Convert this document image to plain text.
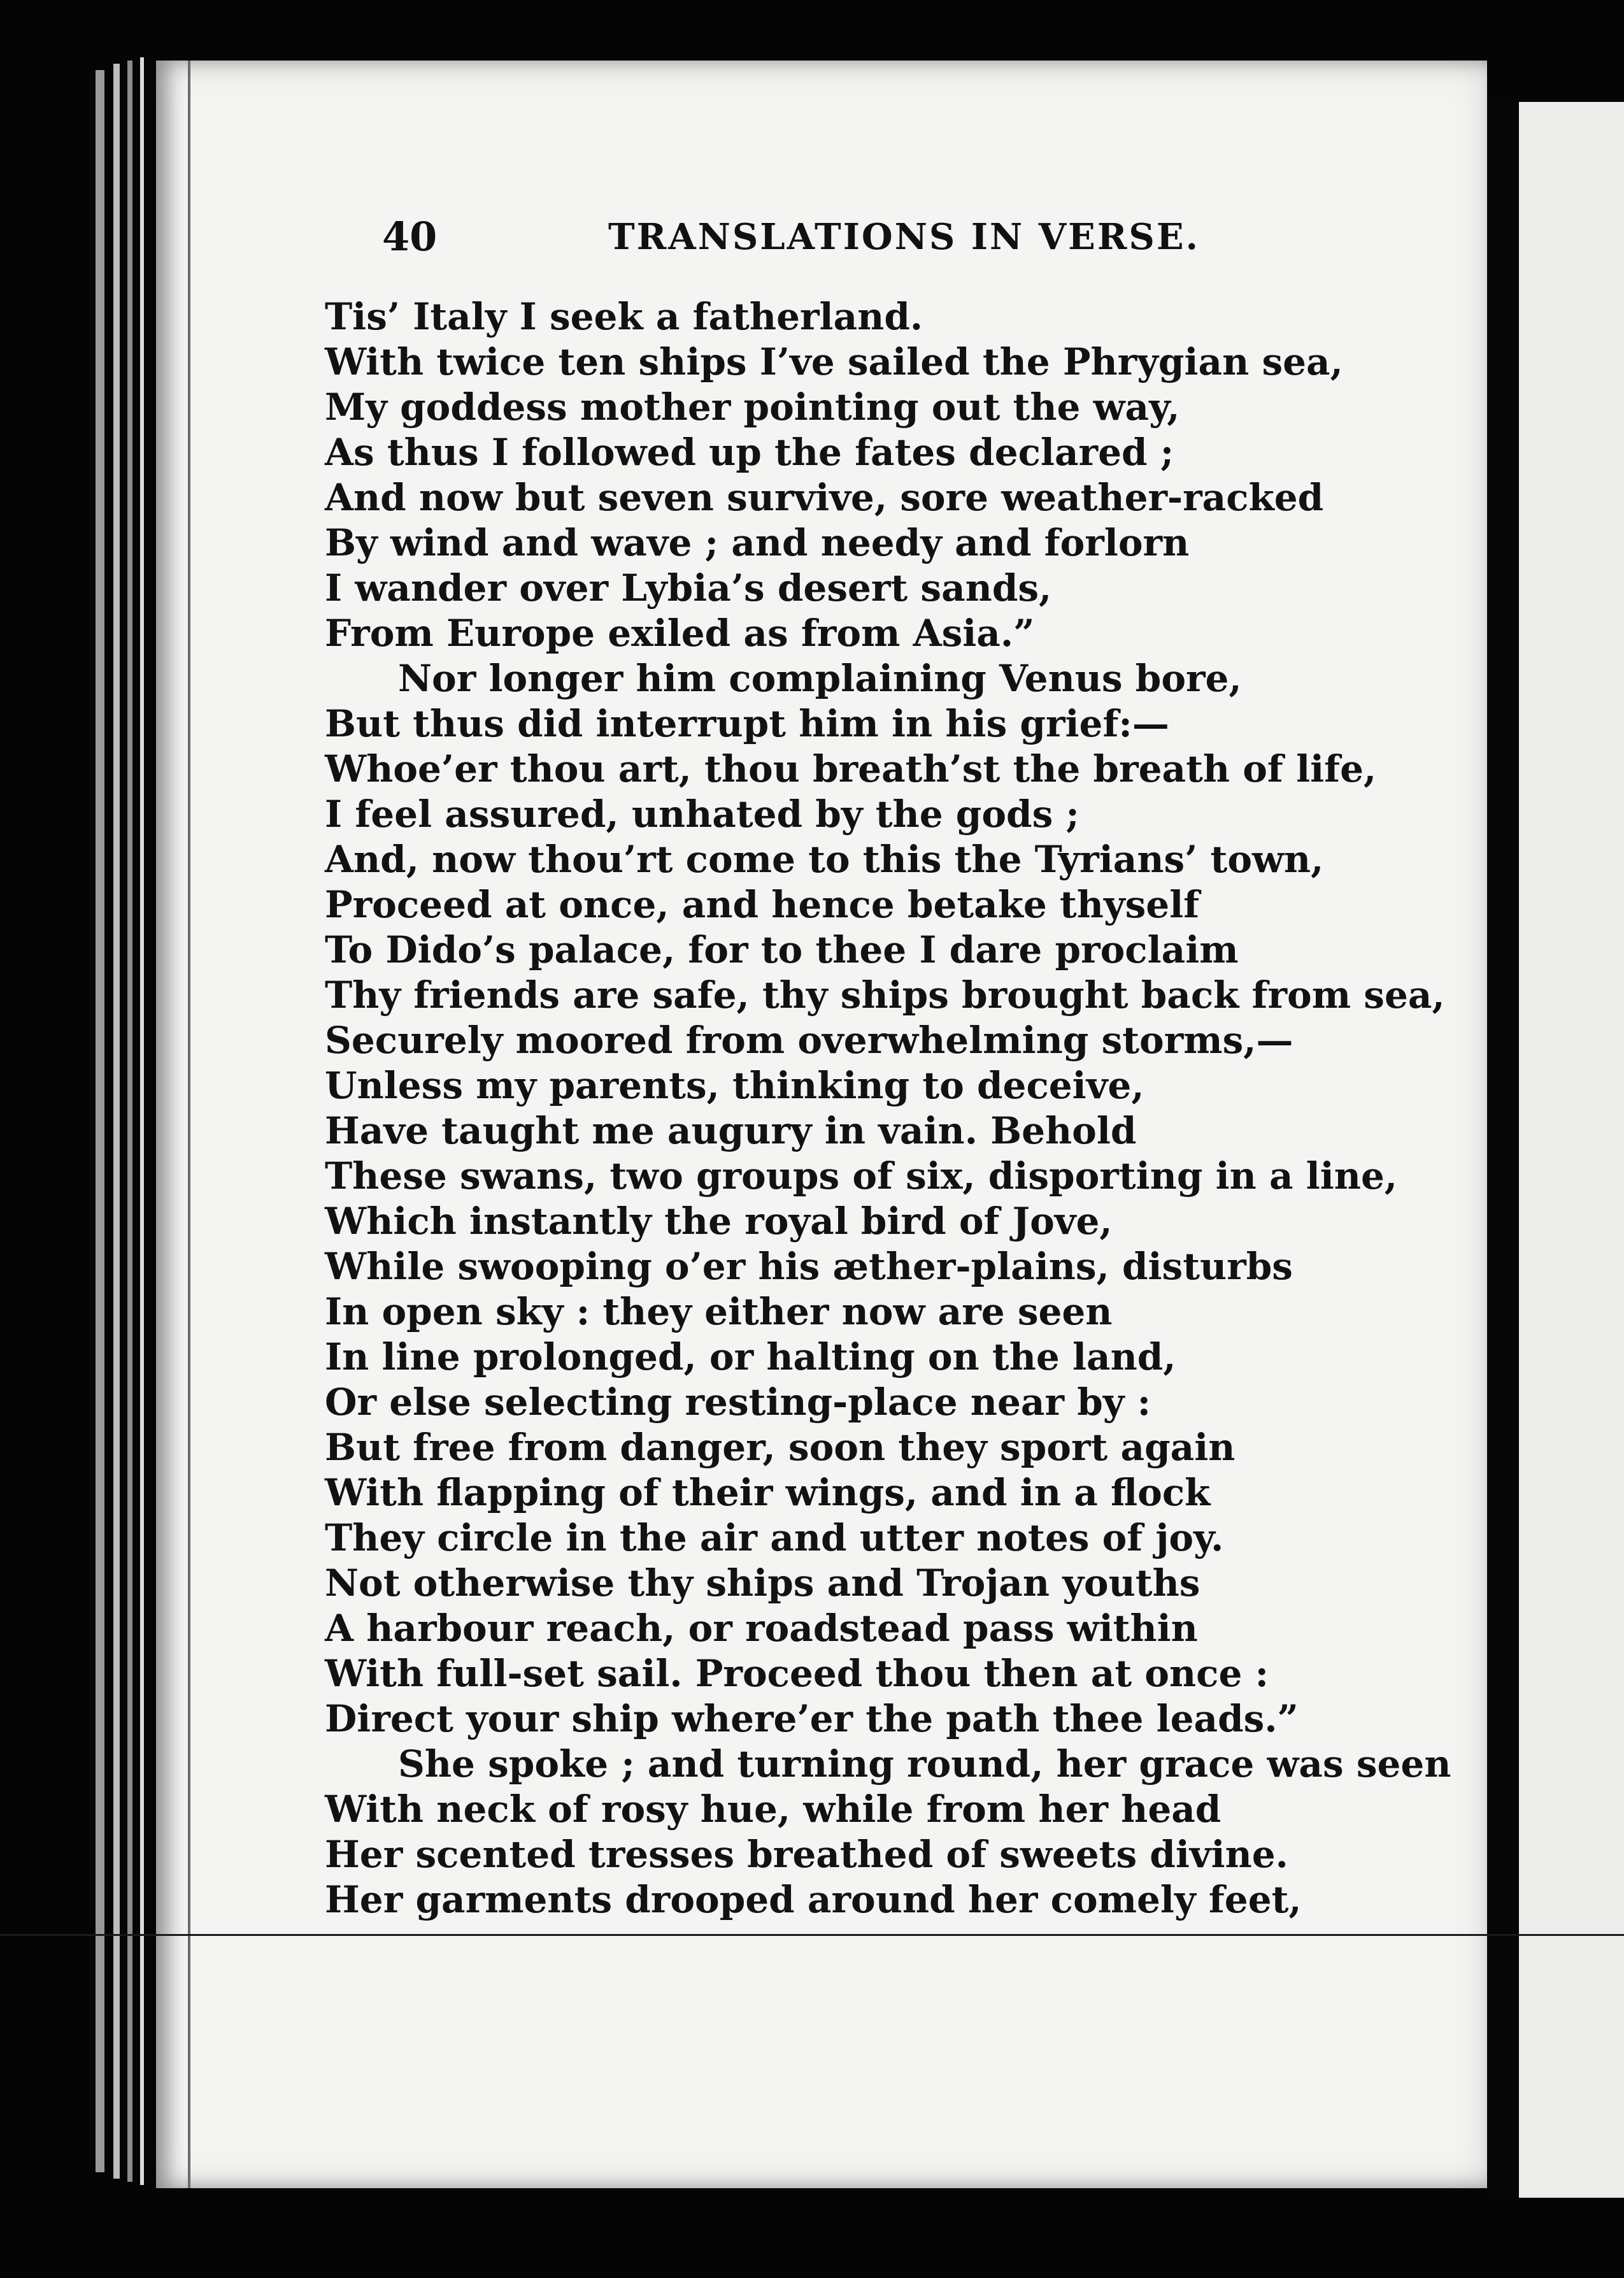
40	TRANSLATIONS IN VERSE.
Tis’ Italy I seek a fatherland.
With twice ten ships I’ve sailed the Phrygian sea,
My goddess mother pointing out the way,
As thus I followed up the fates declared ;
And now but seven survive, sore weather-racked
By wind and wave ; and needy and forlorn
I wander over Lybia’s desert sands,
From Europe exiled as from Asia.”
Nor longer him complaining Venus bore,
But thus did interrupt him in his grief:—
Whoe’er thou art, thou breath’st the breath of life,
I feel assured, unhated by the gods ;
And, now thou’rt come to this the Tyrians’ town,
Proceed at once, and hence betake thyself
To Dido’s palace, for to thee I dare proclaim
Thy friends are safe, thy ships brought back from sea,
Securely moored from overwhelming storms,—
Unless my parents, thinking to deceive,
Have taught me augury in vain. Behold
These swans, two groups of six, disporting in a line,
Which instantly the royal bird of Jove,
While swooping o’er his æther-plains, disturbs
In open sky : they either now are seen
In line prolonged, or halting on the land,
Or else selecting resting-place near by :
But free from danger, soon they sport again
With flapping of their wings, and in a flock
They circle in the air and utter notes of joy.
Not otherwise thy ships and Trojan youths
A harbour reach, or roadstead pass within
With full-set sail. Proceed thou then at once :
Direct your ship where’er the path thee leads.”
She spoke ; and turning round, her grace was seen
With neck of rosy hue, while from her head
Her scented tresses breathed of sweets divine.
Her garments drooped around her comely feet,
